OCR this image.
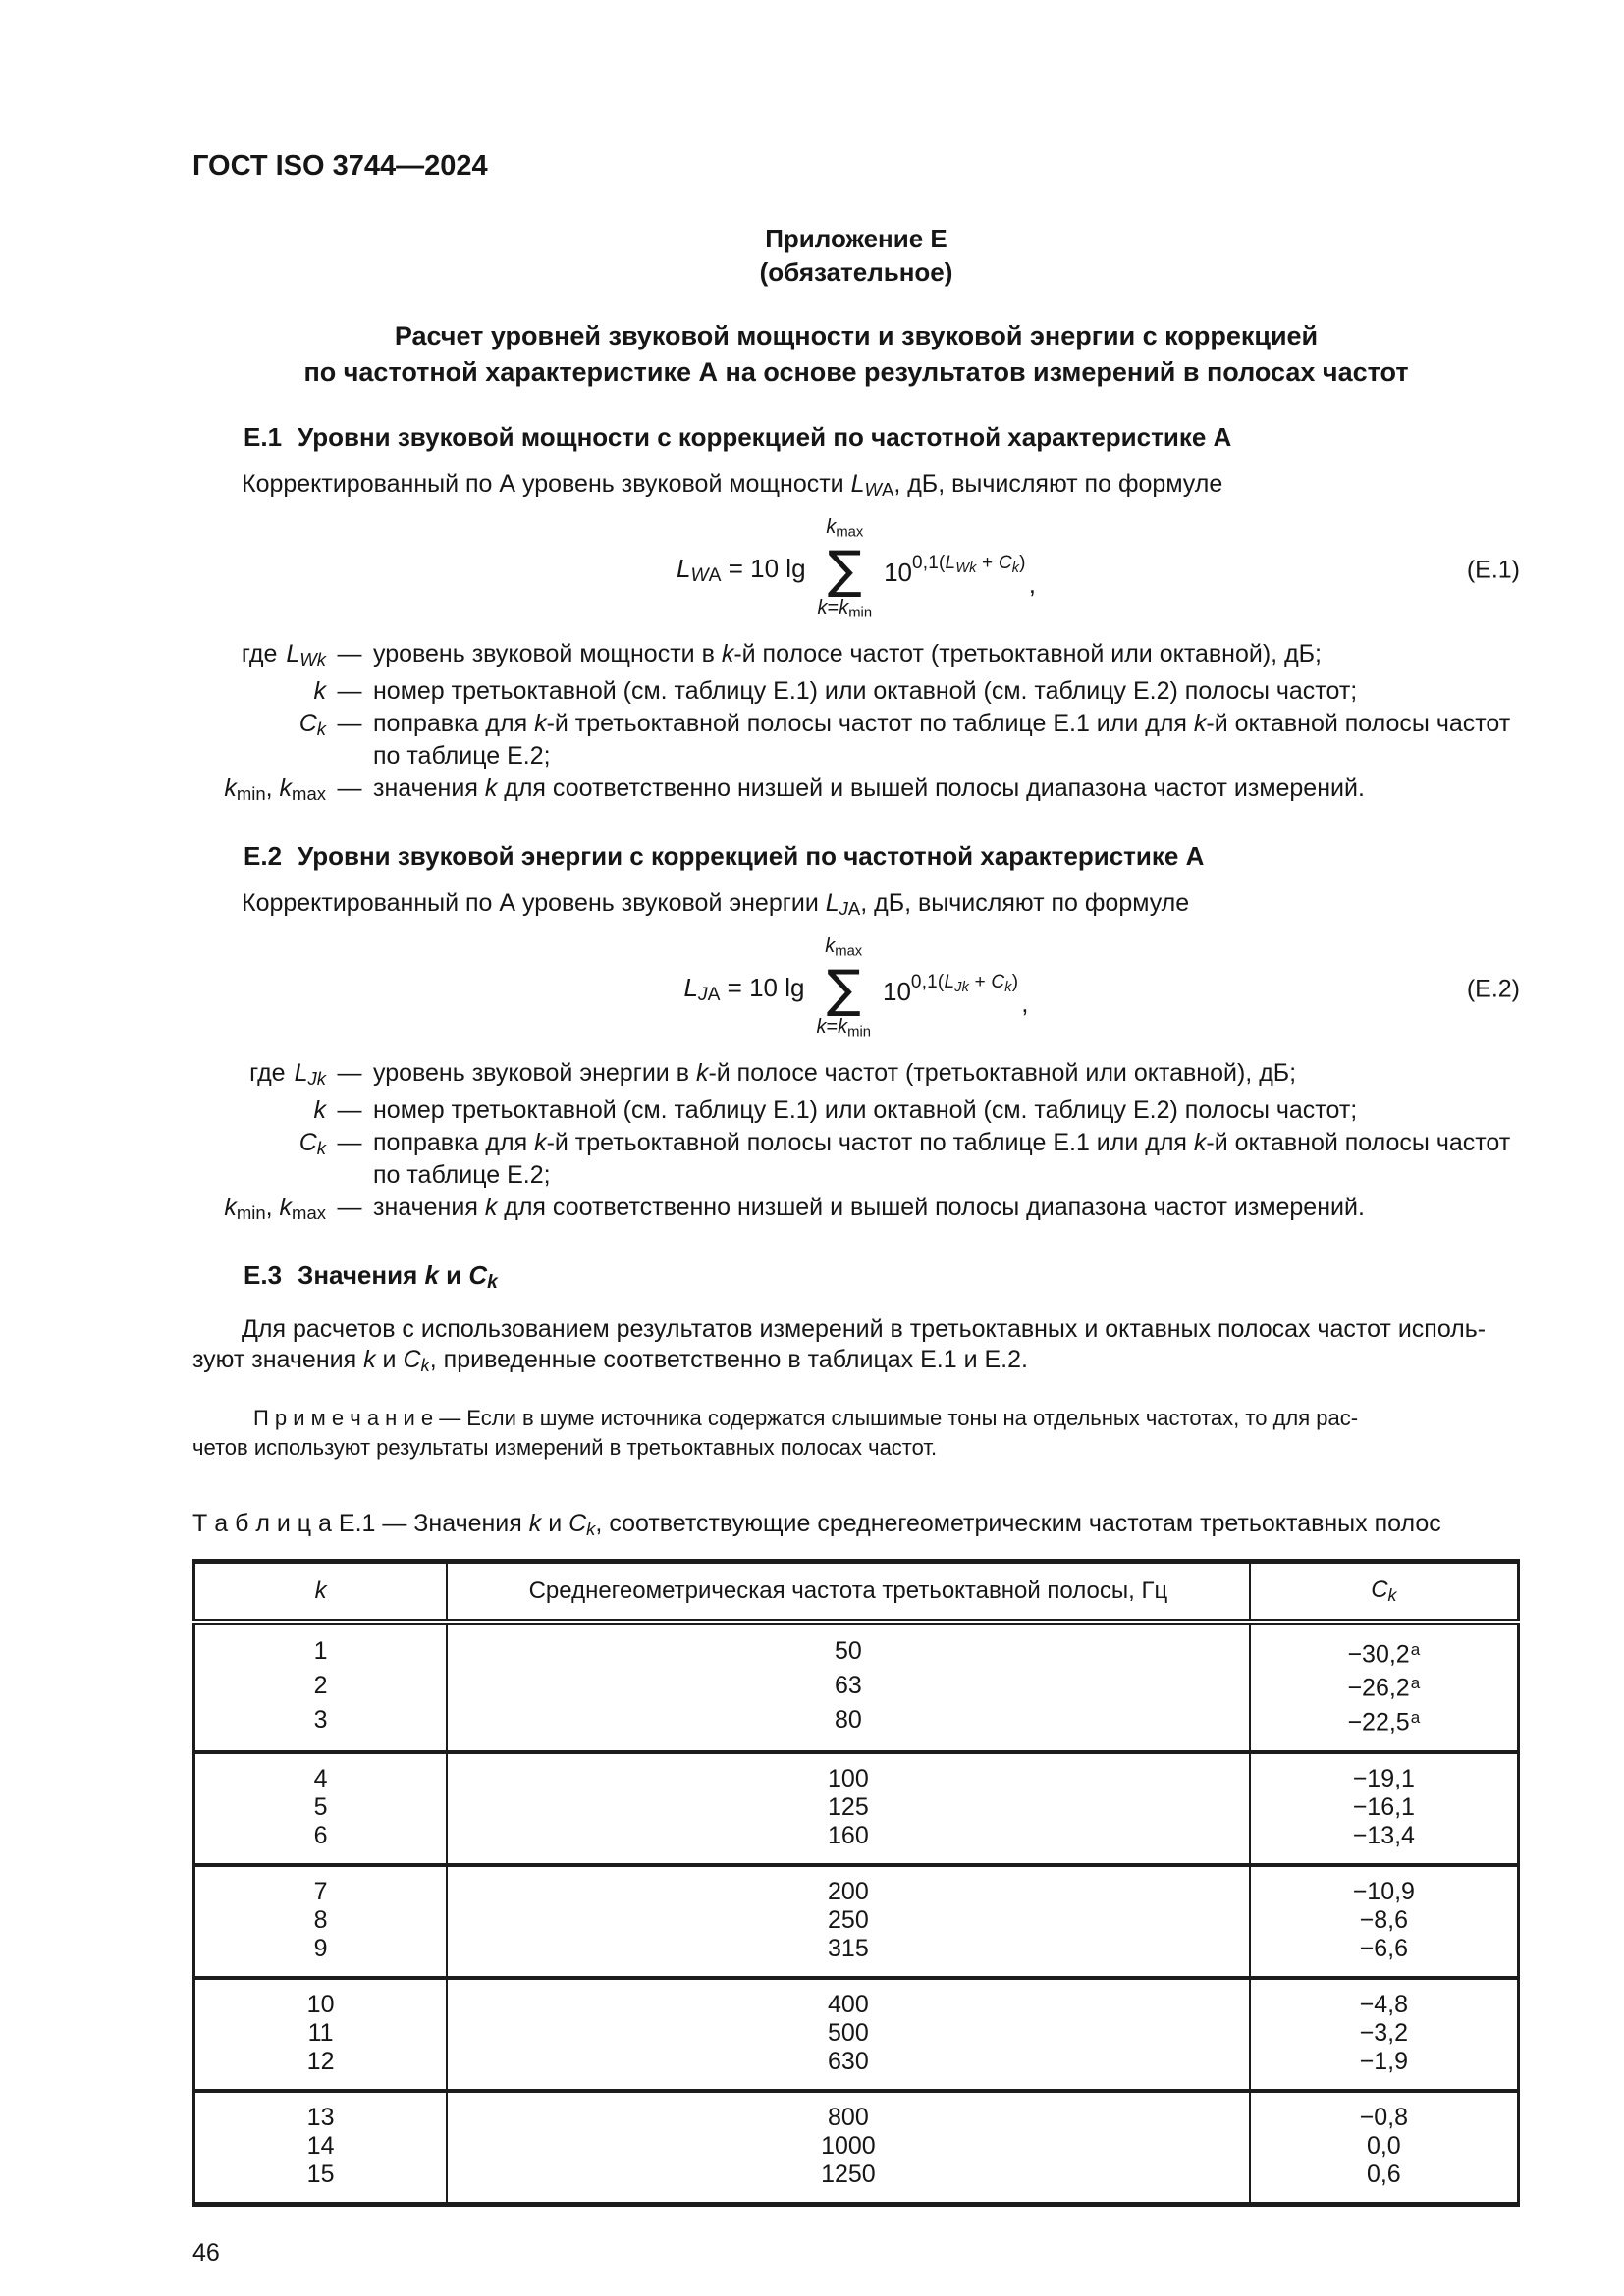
ГОСТ ISO 3744—2024
Приложение Е
(обязательное)
Расчет уровней звуковой мощности и звуковой энергии с коррекцией
по частотной характеристике А на основе результатов измерений в полосах частот
Е.1 Уровни звуковой мощности с коррекцией по частотной характеристике А
Корректированный по А уровень звуковой мощности $L_{WA}$, дБ, вычисляют по формуле
$L_{WA} = 10$ lg
$k_{max}$
∑
$k=k_{min}$
$10^{0,1(L_{Wk} + C_k)}$,	(Е.1)
где $L_{Wk}$ — уровень звуковой мощности в k-й полосе частот (третьоктавной или октавной), дБ;
k — номер третьоктавной (см. таблицу Е.1) или октавной (см. таблицу Е.2) полосы частот;
$C_k$ — поправка для k-й третьоктавной полосы частот по таблице Е.1 или для k-й октавной полосы частот
по таблице Е.2;
$k_{min}$, $k_{max}$ — значения k для соответственно низшей и вышей полосы диапазона частот измерений.
Е.2 Уровни звуковой энергии с коррекцией по частотной характеристике А
Корректированный по А уровень звуковой энергии $L_{JA}$, дБ, вычисляют по формуле
$L_{JA} = 10$ lg
$k_{max}$
∑
$k=k_{min}$
$10^{0,1(L_{Jk} + C_k)}$,	(Е.2)
где $L_{Jk}$ — уровень звуковой энергии в k-й полосе частот (третьоктавной или октавной), дБ;
k — номер третьоктавной (см. таблицу Е.1) или октавной (см. таблицу Е.2) полосы частот;
$C_k$ — поправка для k-й третьоктавной полосы частот по таблице Е.1 или для k-й октавной полосы частот
по таблице Е.2;
$k_{min}$, $k_{max}$ — значения k для соответственно низшей и вышей полосы диапазона частот измерений.
Е.3 Значения k и $C_k$
Для расчетов с использованием результатов измерений в третьоктавных и октавных полосах частот исполь-
зуют значения k и $C_k$, приведенные соответственно в таблицах Е.1 и Е.2.
П р и м е ч а н и е — Если в шуме источника содержатся слышимые тоны на отдельных частотах, то для рас-
четов используют результаты измерений в третьоктавных полосах частот.
Т а б л и ц а Е.1 — Значения k и $C_k$, соответствующие среднегеометрическим частотам третьоктавных полос
k	Среднегеометрическая частота третьоктавной полосы, Гц	$C_k$
1	50	−30,2$^a$
2	63	−26,2$^a$
3	80	−22,5$^a$
4	100	−19,1
5	125	−16,1
6	160	−13,4
7	200	−10,9
8	250	−8,6
9	315	−6,6
10	400	−4,8
11	500	−3,2
12	630	−1,9
13	800	−0,8
14	1000	0,0
15	1250	0,6
46
